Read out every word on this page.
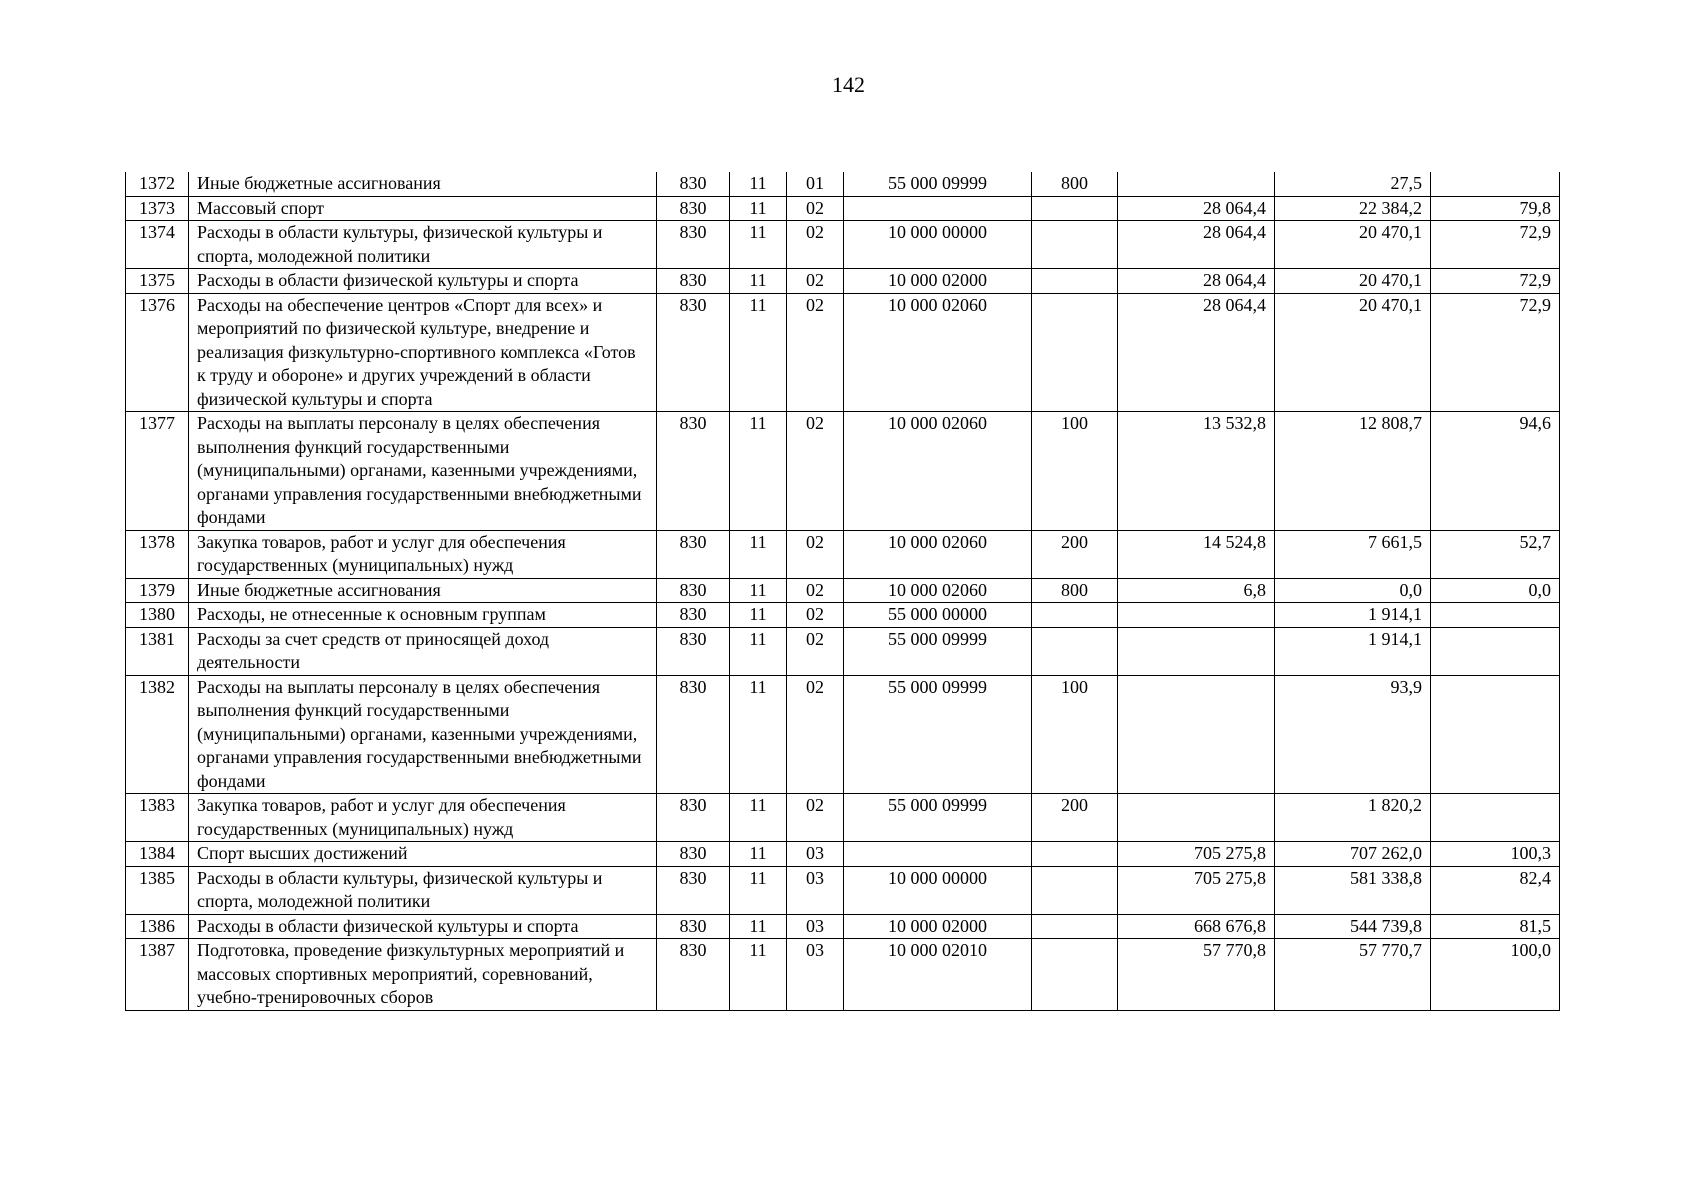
142
1372	Иные бюджетные ассигнования	830	11	01	55 000 09999	800		27,5	
1373	Массовый спорт	830	11	02			28 064,4	22 384,2	79,8
1374	Расходы в области культуры, физической культуры и спорта, молодежной политики	830	11	02	10 000 00000		28 064,4	20 470,1	72,9
1375	Расходы в области физической культуры и спорта	830	11	02	10 000 02000		28 064,4	20 470,1	72,9
1376	Расходы на обеспечение центров «Спорт для всех» и мероприятий по физической культуре, внедрение и реализация физкультурно-спортивного комплекса «Готов к труду и обороне» и других учреждений в области физической культуры и спорта	830	11	02	10 000 02060		28 064,4	20 470,1	72,9
1377	Расходы на выплаты персоналу в целях обеспечения выполнения функций государственными (муниципальными) органами, казенными учреждениями, органами управления государственными внебюджетными фондами	830	11	02	10 000 02060	100	13 532,8	12 808,7	94,6
1378	Закупка товаров, работ и услуг для обеспечения государственных (муниципальных) нужд	830	11	02	10 000 02060	200	14 524,8	7 661,5	52,7
1379	Иные бюджетные ассигнования	830	11	02	10 000 02060	800	6,8	0,0	0,0
1380	Расходы, не отнесенные к основным группам	830	11	02	55 000 00000			1 914,1	
1381	Расходы за счет средств от приносящей доход деятельности	830	11	02	55 000 09999			1 914,1	
1382	Расходы на выплаты персоналу в целях обеспечения выполнения функций государственными (муниципальными) органами, казенными учреждениями, органами управления государственными внебюджетными фондами	830	11	02	55 000 09999	100		93,9	
1383	Закупка товаров, работ и услуг для обеспечения государственных (муниципальных) нужд	830	11	02	55 000 09999	200		1 820,2	
1384	Спорт высших достижений	830	11	03			705 275,8	707 262,0	100,3
1385	Расходы в области культуры, физической культуры и спорта, молодежной политики	830	11	03	10 000 00000		705 275,8	581 338,8	82,4
1386	Расходы в области физической культуры и спорта	830	11	03	10 000 02000		668 676,8	544 739,8	81,5
1387	Подготовка, проведение физкультурных мероприятий и массовых спортивных мероприятий, соревнований, учебно-тренировочных сборов	830	11	03	10 000 02010		57 770,8	57 770,7	100,0
